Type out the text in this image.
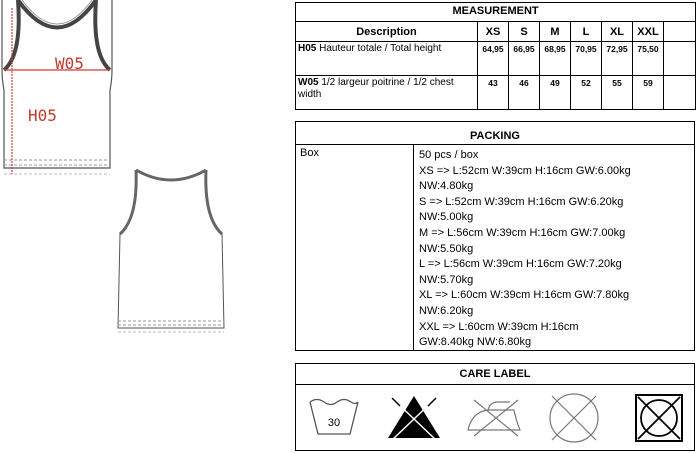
W05
H05
MEASUREMENT							
Description	XS	S	M	L	XL	XXL	
H05 Hauteur totale / Total height	64,95	66,95	68,95	70,95	72,95	75,50	
W05 1/2 largeur poitrine / 1/2 chest width	43	46	49	52	55	59	
PACKING
Box	50 pcs / box
XS => L:52cm W:39cm H:16cm GW:6.00kg
NW:4.80kg
S => L:52cm W:39cm H:16cm GW:6.20kg
NW:5.00kg
M => L:56cm W:39cm H:16cm GW:7.00kg
NW:5.50kg
L => L:56cm W:39cm H:16cm GW:7.20kg
NW:5.70kg
XL => L:60cm W:39cm H:16cm GW:7.80kg
NW:6.20kg
XXL => L:60cm W:39cm H:16cm
GW:8.40kg NW:6.80kg
CARE LABEL
30
